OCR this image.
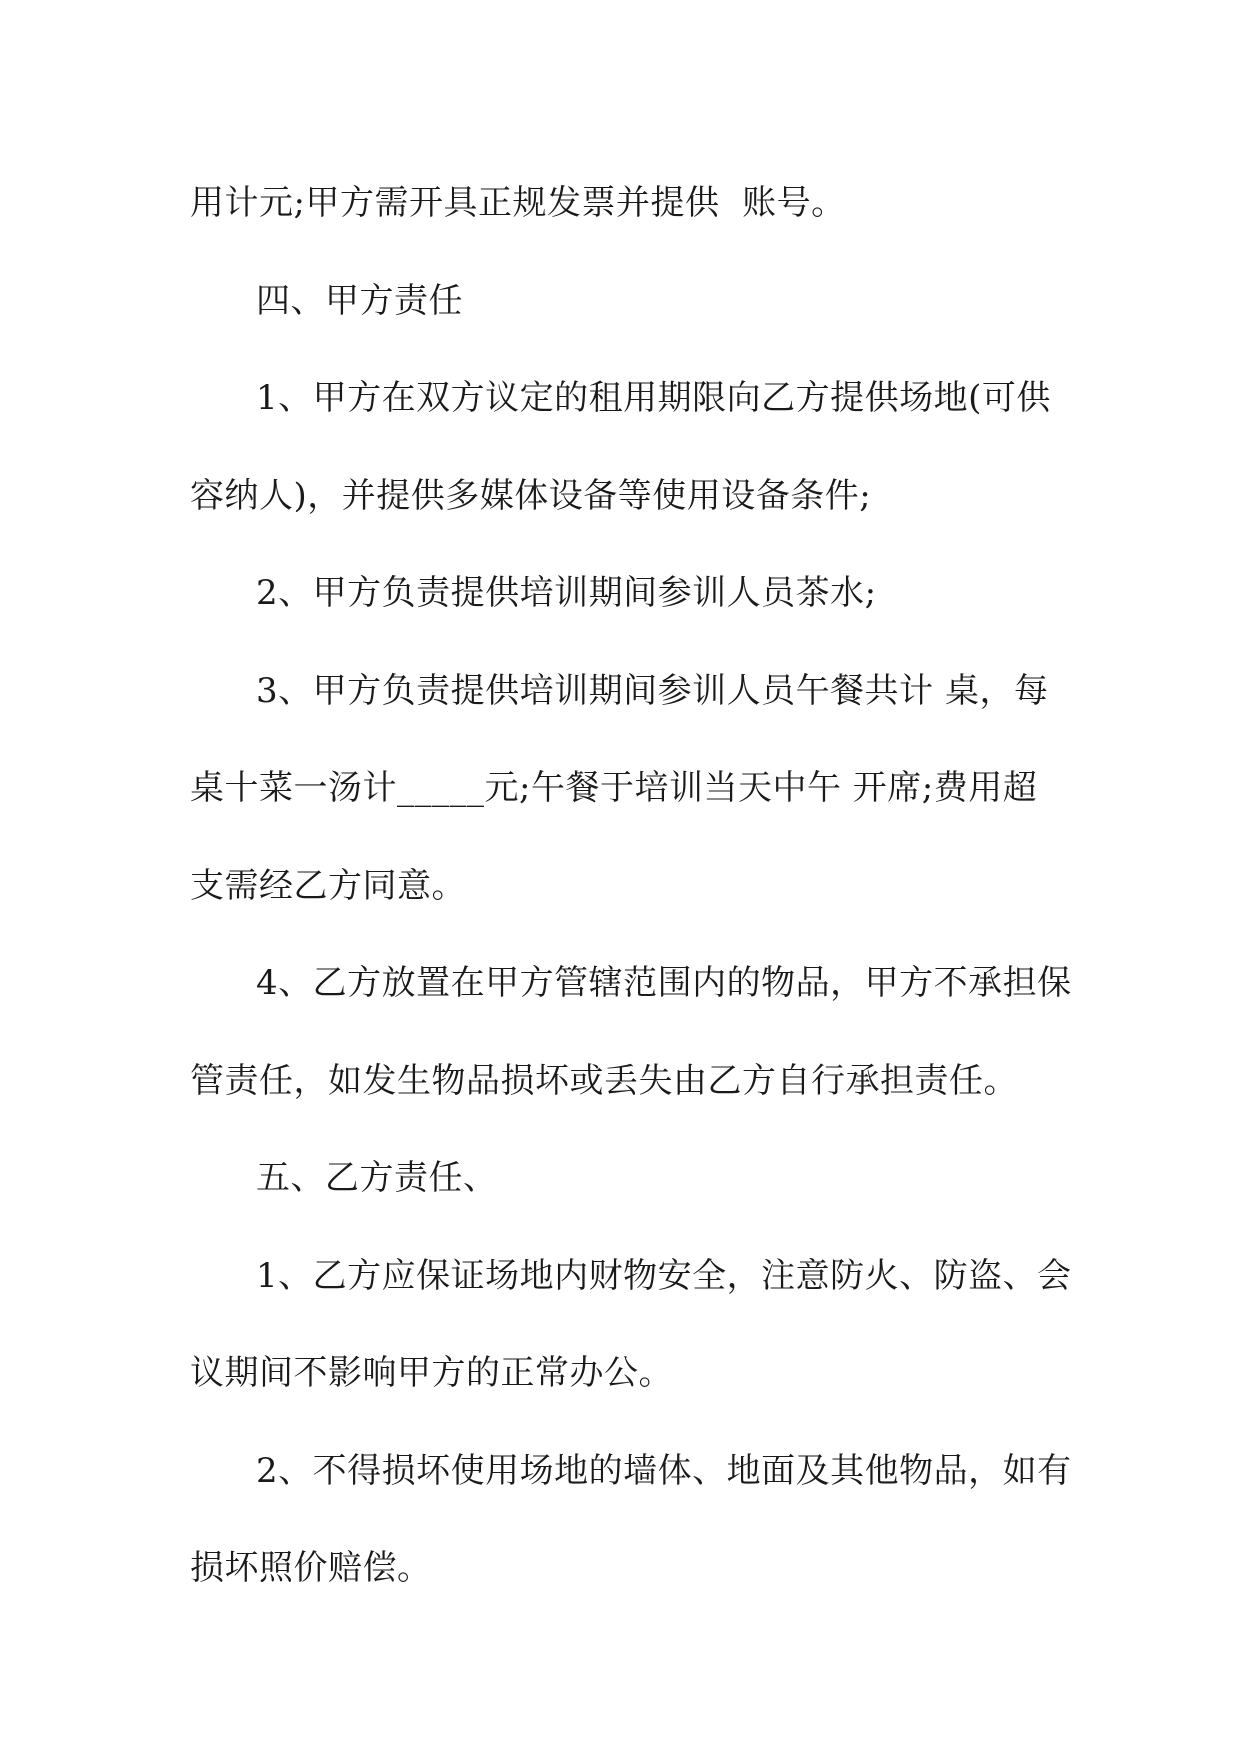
用计元;甲方需开具正规发票并提供  账号。
四、甲方责任
1、甲方在双方议定的租用期限向乙方提供场地(可供
容纳人)，并提供多媒体设备等使用设备条件;
2、甲方负责提供培训期间参训人员茶水;
3、甲方负责提供培训期间参训人员午餐共计 桌，每
桌十菜一汤计_____元;午餐于培训当天中午 开席;费用超
支需经乙方同意。
4、乙方放置在甲方管辖范围内的物品，甲方不承担保
管责任，如发生物品损坏或丢失由乙方自行承担责任。
五、乙方责任、
1、乙方应保证场地内财物安全，注意防火、防盗、会
议期间不影响甲方的正常办公。
2、不得损坏使用场地的墙体、地面及其他物品，如有
损坏照价赔偿。
